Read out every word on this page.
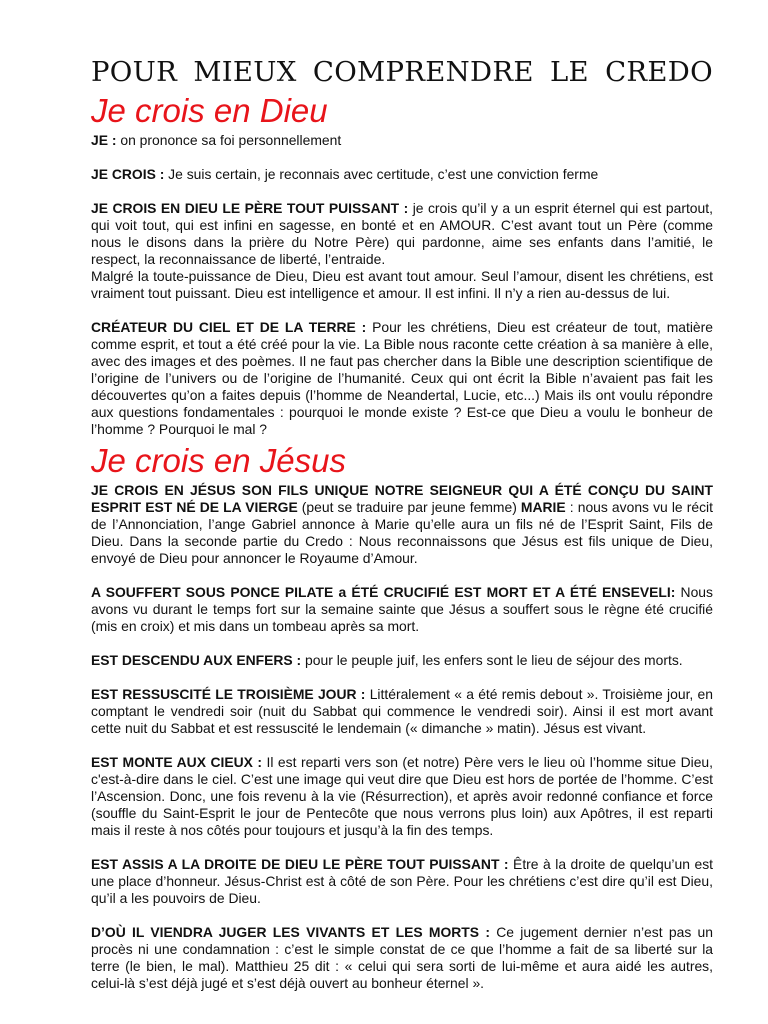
POUR MIEUX COMPRENDRE LE CREDO
Je crois en Dieu

JE : on prononce sa foi personnellement

JE CROIS : Je suis certain, je reconnais avec certitude, c’est une conviction ferme

JE CROIS EN DIEU LE PÈRE TOUT PUISSANT : je crois qu’il y a un esprit éternel qui est partout, qui voit tout, qui est infini en sagesse, en bonté et en AMOUR. C’est avant tout un Père (comme nous le disons dans la prière du Notre Père) qui pardonne, aime ses enfants dans l’amitié, le respect, la reconnaissance de liberté, l’entraide.
Malgré la toute-puissance de Dieu, Dieu est avant tout amour. Seul l’amour, disent les chrétiens, est vraiment tout puissant. Dieu est intelligence et amour. Il est infini. Il n’y a rien au-dessus de lui.

CRÉATEUR DU CIEL ET DE LA TERRE : Pour les chrétiens, Dieu est créateur de tout, matière comme esprit, et tout a été créé pour la vie. La Bible nous raconte cette création à sa manière à elle, avec des images et des poèmes. Il ne faut pas chercher dans la Bible une description scientifique de l’origine de l’univers ou de l’origine de l’humanité. Ceux qui ont écrit la Bible n’avaient pas fait les découvertes qu’on a faites depuis (l’homme de Neandertal, Lucie, etc...) Mais ils ont voulu répondre aux questions fondamentales : pourquoi le monde existe ? Est-ce que Dieu a voulu le bonheur de l’homme ? Pourquoi le mal ?

Je crois en Jésus

JE CROIS EN JÉSUS SON FILS UNIQUE NOTRE SEIGNEUR QUI A ÉTÉ CONÇU DU SAINT ESPRIT EST NÉ DE LA VIERGE (peut se traduire par jeune femme) MARIE : nous avons vu le récit de l’Annonciation, l’ange Gabriel annonce à Marie qu’elle aura un fils né de l’Esprit Saint, Fils de Dieu. Dans la seconde partie du Credo : Nous reconnaissons que Jésus est fils unique de Dieu, envoyé de Dieu pour annoncer le Royaume d’Amour.

A SOUFFERT SOUS PONCE PILATE a ÉTÉ CRUCIFIÉ EST MORT ET A ÉTÉ ENSEVELI: Nous avons vu durant le temps fort sur la semaine sainte que Jésus a souffert sous le règne été crucifié (mis en croix) et mis dans un tombeau après sa mort.

EST DESCENDU AUX ENFERS : pour le peuple juif, les enfers sont le lieu de séjour des morts.

EST RESSUSCITÉ LE TROISIÈME JOUR : Littéralement « a été remis debout ». Troisième jour, en comptant le vendredi soir (nuit du Sabbat qui commence le vendredi soir). Ainsi il est mort avant cette nuit du Sabbat et est ressuscité le lendemain (« dimanche » matin). Jésus est vivant.

EST MONTE AUX CIEUX : Il est reparti vers son (et notre) Père vers le lieu où l’homme situe Dieu, c'est-à-dire dans le ciel. C’est une image qui veut dire que Dieu est hors de portée de l’homme. C’est l’Ascension. Donc, une fois revenu à la vie (Résurrection), et après avoir redonné confiance et force (souffle du Saint-Esprit le jour de Pentecôte que nous verrons plus loin) aux Apôtres, il est reparti mais il reste à nos côtés pour toujours et jusqu’à la fin des temps.

EST ASSIS A LA DROITE DE DIEU LE PÈRE TOUT PUISSANT : Être à la droite de quelqu’un est une place d’honneur. Jésus-Christ est à côté de son Père. Pour les chrétiens c’est dire qu’il est Dieu, qu’il a les pouvoirs de Dieu.

D’OÙ IL VIENDRA JUGER LES VIVANTS ET LES MORTS : Ce jugement dernier n’est pas un procès ni une condamnation : c’est le simple constat de ce que l’homme a fait de sa liberté sur la terre (le bien, le mal). Matthieu 25 dit : « celui qui sera sorti de lui-même et aura aidé les autres, celui-là s’est déjà jugé et s’est déjà ouvert au bonheur éternel ».
